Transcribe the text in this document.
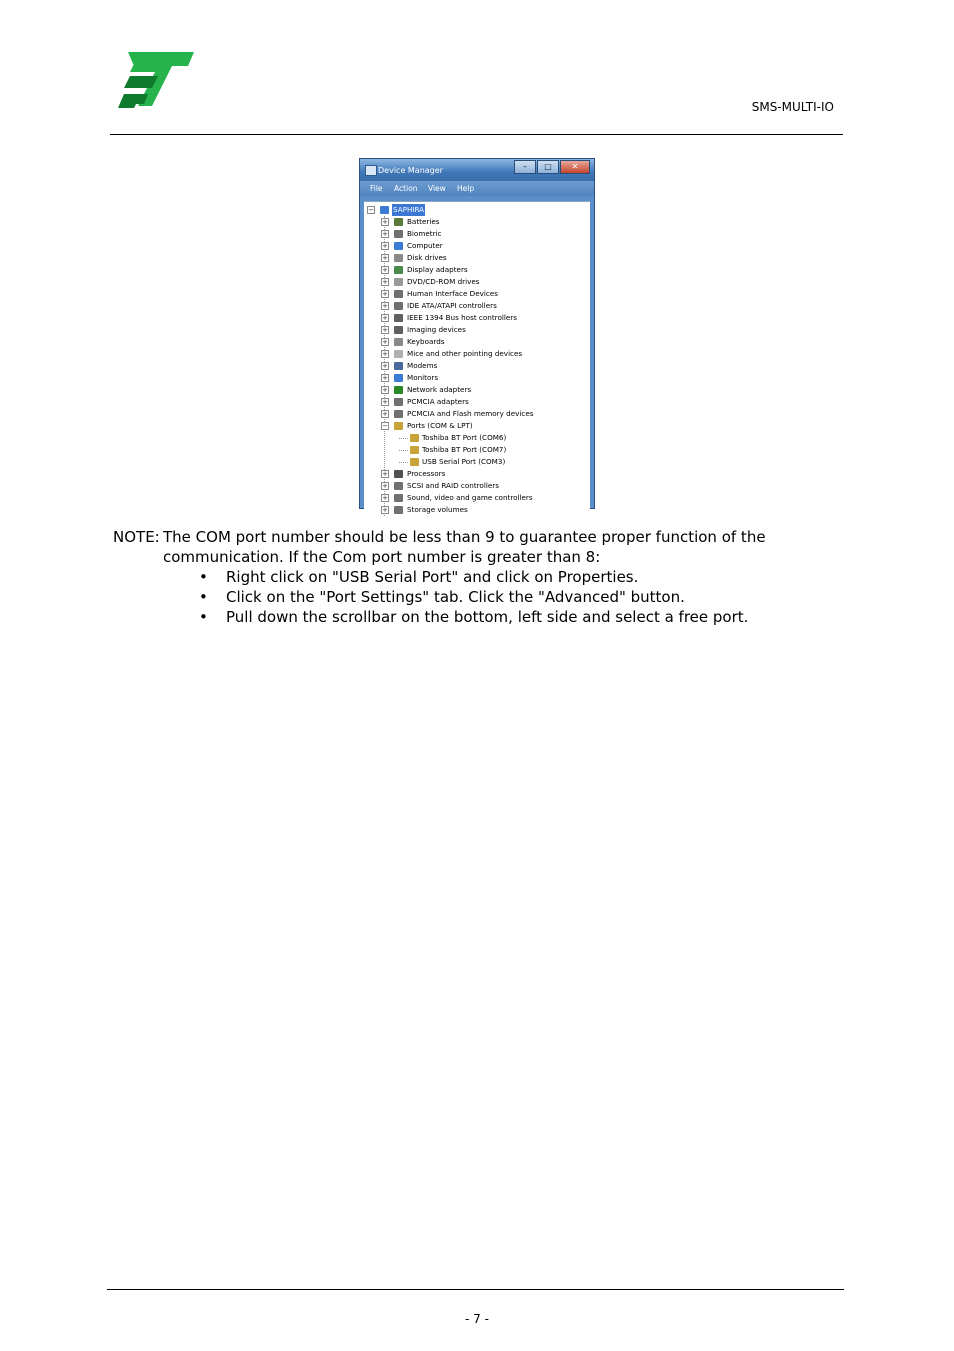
SMS-MULTI-IO
Device Manager	–	□	✕
File Action View Help
−	SAPHIRA
+	Batteries
+	Biometric
+	Computer
+	Disk drives
+	Display adapters
+	DVD/CD-ROM drives
+	Human Interface Devices
+	IDE ATA/ATAPI controllers
+	IEEE 1394 Bus host controllers
+	Imaging devices
+	Keyboards
+	Mice and other pointing devices
+	Modems
+	Monitors
+	Network adapters
+	PCMCIA adapters
+	PCMCIA and Flash memory devices
−	Ports (COM & LPT)
Toshiba BT Port (COM6)
Toshiba BT Port (COM7)
USB Serial Port (COM3)
+	Processors
+	SCSI and RAID controllers
+	Sound, video and game controllers
+	Storage volumes
NOTE: The COM port number should be less than 9 to guarantee proper function of the
communication. If the Com port number is greater than 8:
• Right click on "USB Serial Port" and click on Properties.
• Click on the "Port Settings" tab. Click the "Advanced" button.
• Pull down the scrollbar on the bottom, left side and select a free port.
- 7 -
